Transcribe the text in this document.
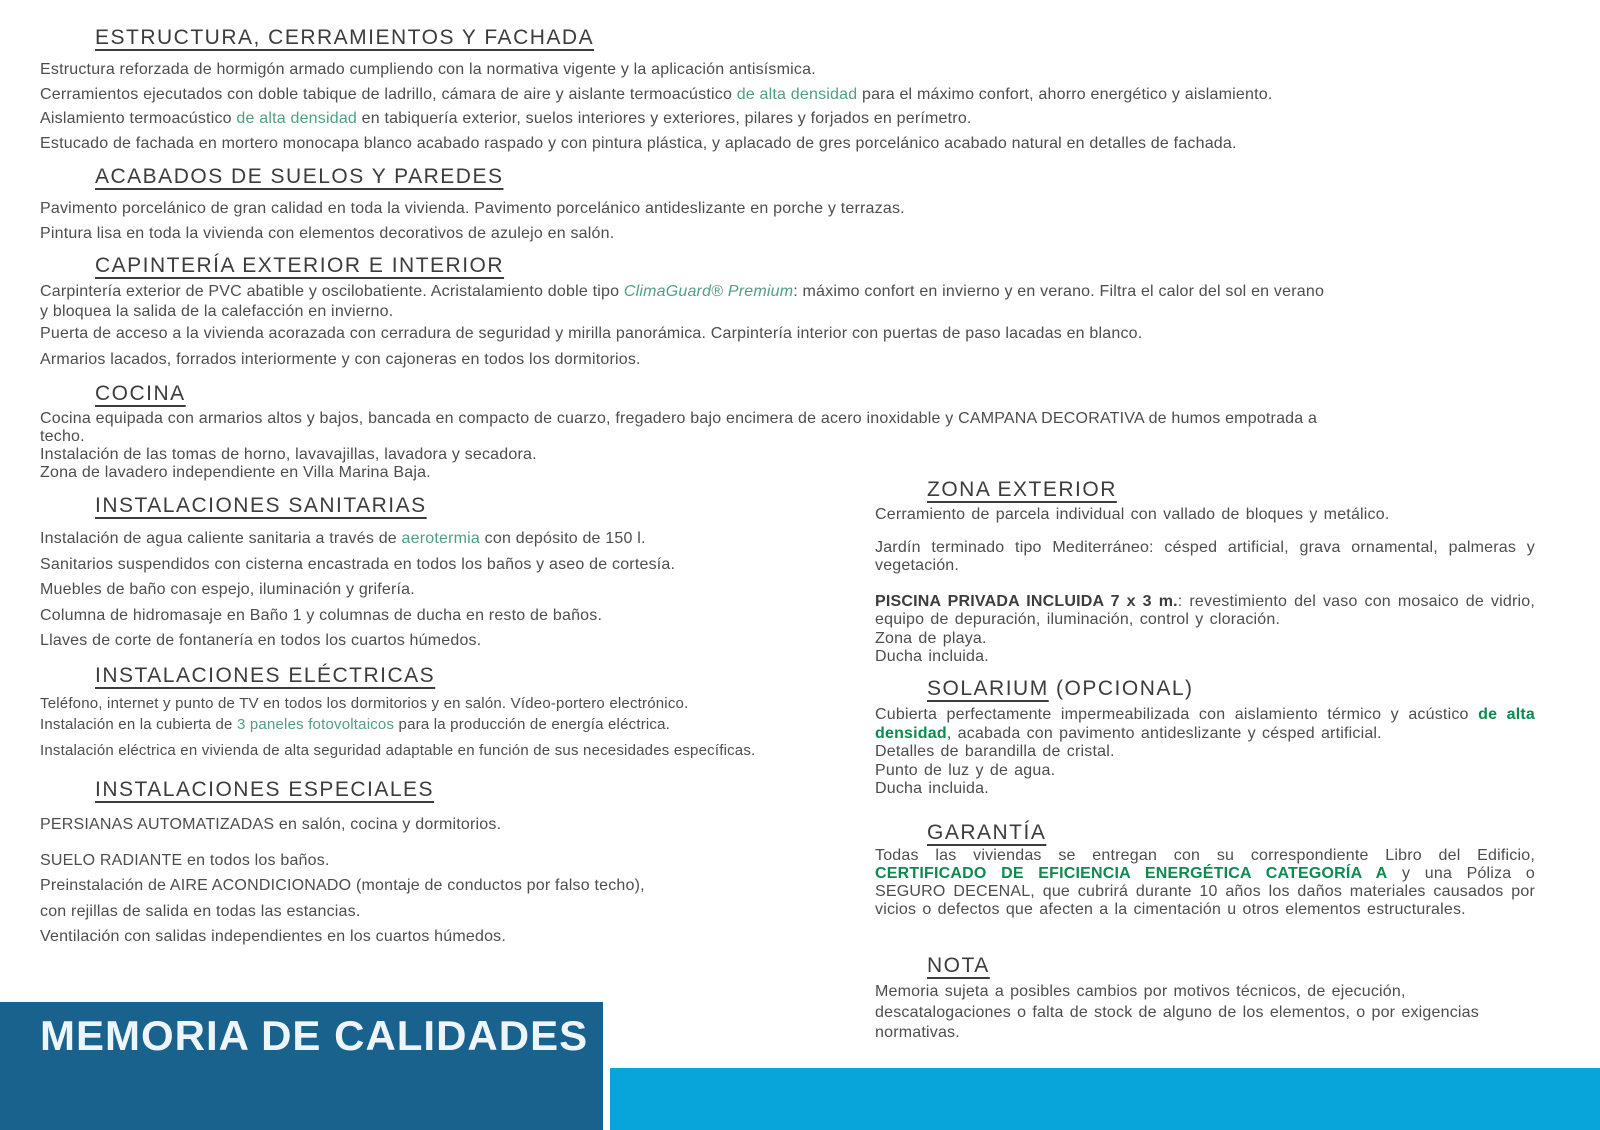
ESTRUCTURA, CERRAMIENTOS Y FACHADA

Estructura reforzada de hormigón armado cumpliendo con la normativa vigente y la aplicación antisísmica.

Cerramientos ejecutados con doble tabique de ladrillo, cámara de aire y aislante termoacústico de alta densidad para el máximo confort, ahorro energético y aislamiento.

Aislamiento termoacústico de alta densidad en tabiquería exterior, suelos interiores y exteriores, pilares y forjados en perímetro.

Estucado de fachada en mortero monocapa blanco acabado raspado y con pintura plástica, y aplacado de gres porcelánico acabado natural en detalles de fachada.

ACABADOS DE SUELOS Y PAREDES

Pavimento porcelánico de gran calidad en toda la vivienda. Pavimento porcelánico antideslizante en porche y terrazas.

Pintura lisa en toda la vivienda con elementos decorativos de azulejo en salón.

CAPINTERÍA EXTERIOR E INTERIOR

Carpintería exterior de PVC abatible y oscilobatiente. Acristalamiento doble tipo ClimaGuard® Premium: máximo confort en invierno y en verano. Filtra el calor del sol en verano

y bloquea la salida de la calefacción en invierno.

Puerta de acceso a la vivienda acorazada con cerradura de seguridad y mirilla panorámica. Carpintería interior con puertas de paso lacadas en blanco.

Armarios lacados, forrados interiormente y con cajoneras en todos los dormitorios.

COCINA

Cocina equipada con armarios altos y bajos, bancada en compacto de cuarzo, fregadero bajo encimera de acero inoxidable y CAMPANA DECORATIVA de humos empotrada a

techo.

Instalación de las tomas de horno, lavavajillas, lavadora y secadora.

Zona de lavadero independiente en Villa Marina Baja.

INSTALACIONES SANITARIAS

Instalación de agua caliente sanitaria a través de aerotermia con depósito de 150 l.

Sanitarios suspendidos con cisterna encastrada en todos los baños y aseo de cortesía.

Muebles de baño con espejo, iluminación y grifería.

Columna de hidromasaje en Baño 1 y columnas de ducha en resto de baños.

Llaves de corte de fontanería en todos los cuartos húmedos.

INSTALACIONES ELÉCTRICAS

Teléfono, internet y punto de TV en todos los dormitorios y en salón. Vídeo-portero electrónico.

Instalación en la cubierta de 3 paneles fotovoltaicos para la producción de energía eléctrica.

Instalación eléctrica en vivienda de alta seguridad adaptable en función de sus necesidades específicas.

INSTALACIONES ESPECIALES

PERSIANAS AUTOMATIZADAS en salón, cocina y dormitorios.

SUELO RADIANTE en todos los baños.

Preinstalación de AIRE ACONDICIONADO (montaje de conductos por falso techo),

con rejillas de salida en todas las estancias.

Ventilación con salidas independientes en los cuartos húmedos.

ZONA EXTERIOR

Cerramiento de parcela individual con vallado de bloques y metálico.

Jardín terminado tipo Mediterráneo: césped artificial, grava ornamental, palmeras y vegetación.

PISCINA PRIVADA INCLUIDA 7 x 3 m.: revestimiento del vaso con mosaico de vidrio, equipo de depuración, iluminación, control y cloración.

Zona de playa.

Ducha incluida.

SOLARIUM (OPCIONAL)

Cubierta perfectamente impermeabilizada con aislamiento térmico y acústico de alta densidad, acabada con pavimento antideslizante y césped artificial.

Detalles de barandilla de cristal.

Punto de luz y de agua.

Ducha incluida.

GARANTÍA

Todas las viviendas se entregan con su correspondiente Libro del Edificio, CERTIFICADO DE EFICIENCIA ENERGÉTICA CATEGORÍA A y una Póliza o SEGURO DECENAL, que cubrirá durante 10 años los daños materiales causados por vicios o defectos que afecten a la cimentación u otros elementos estructurales.

NOTA

Memoria sujeta a posibles cambios por motivos técnicos, de ejecución, descatalogaciones o falta de stock de alguno de los elementos, o por exigencias normativas.

MEMORIA DE CALIDADES
